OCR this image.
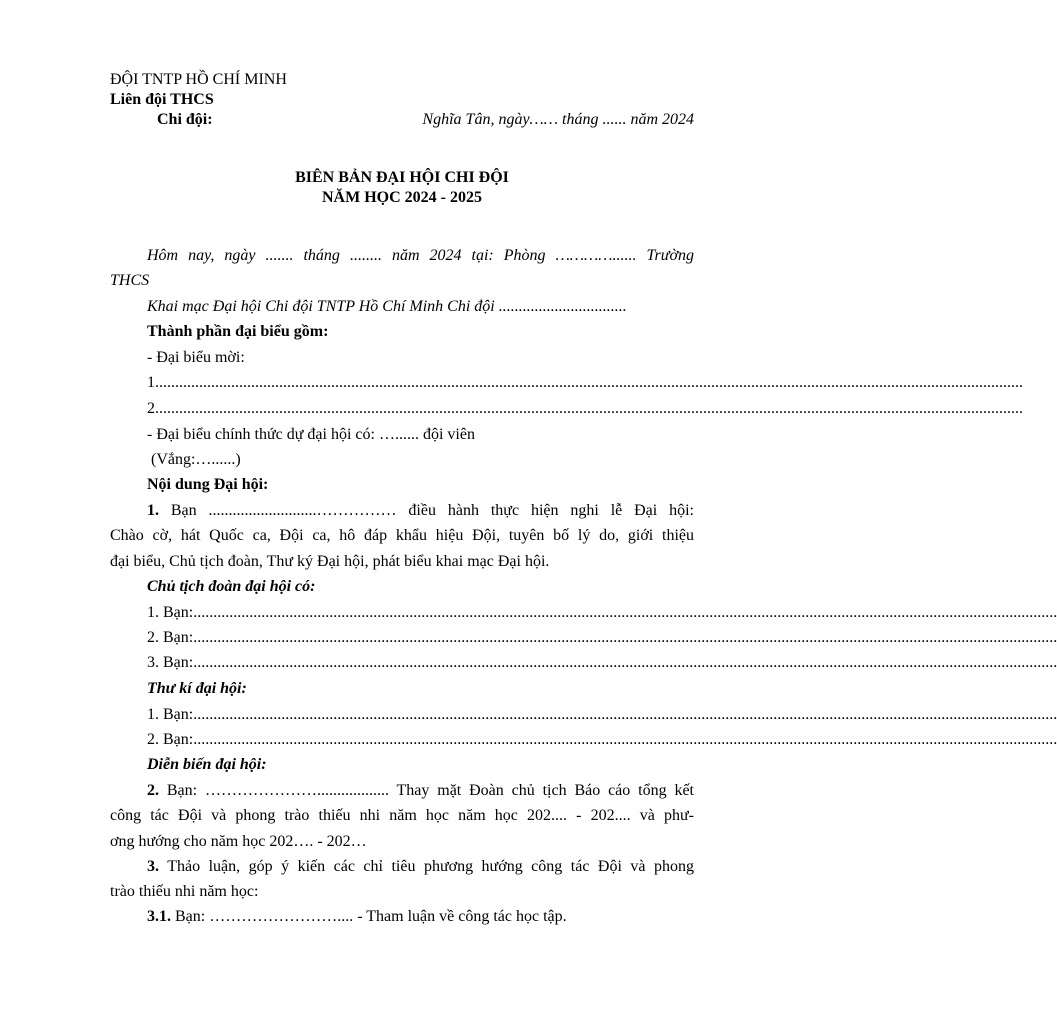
ĐỘI TNTP HỒ CHÍ MINH
Liên đội THCS
Chi đội:	Nghĩa Tân, ngày…… tháng ...... năm 2024
BIÊN BẢN ĐẠI HỘI CHI ĐỘI
NĂM HỌC 2024 - 2025
Hôm nay, ngày ....... tháng ........ năm 2024 tại: Phòng …………...... Trường
THCS
Khai mạc Đại hội Chi đội TNTP Hồ Chí Minh Chi đội ................................
Thành phần đại biểu gồm:
- Đại biểu mời:
1. ........................................................................................................................................................................................................................
2. ........................................................................................................................................................................................................................
- Đại biểu chính thức dự đại hội có: …...... đội viên
(Vắng:…......)
Nội dung Đại hội:
1. Bạn ...........................…………… điều hành thực hiện nghi lễ Đại hội:
Chào cờ, hát Quốc ca, Đội ca, hô đáp khẩu hiệu Đội, tuyên bố lý do, giới thiệu
đại biểu, Chủ tịch đoàn, Thư ký Đại hội, phát biểu khai mạc Đại hội.
Chủ tịch đoàn đại hội có:
1. Bạn: ........................................................................................................................................................................................................................
2. Bạn: ........................................................................................................................................................................................................................
3. Bạn: ........................................................................................................................................................................................................................
Thư kí đại hội:
1. Bạn: ........................................................................................................................................................................................................................
2. Bạn: ........................................................................................................................................................................................................................
Diễn biến đại hội:
2. Bạn: ………………….................. Thay mặt Đoàn chủ tịch Báo cáo tổng kết
công tác Đội và phong trào thiếu nhi năm học năm học 202.... - 202.... và phư-
ơng hướng cho năm học 202…. - 202…
3. Thảo luận, góp ý kiến các chỉ tiêu phương hướng công tác Đội và phong
trào thiếu nhi năm học:
3.1. Bạn: …………………….... - Tham luận về công tác học tập.
